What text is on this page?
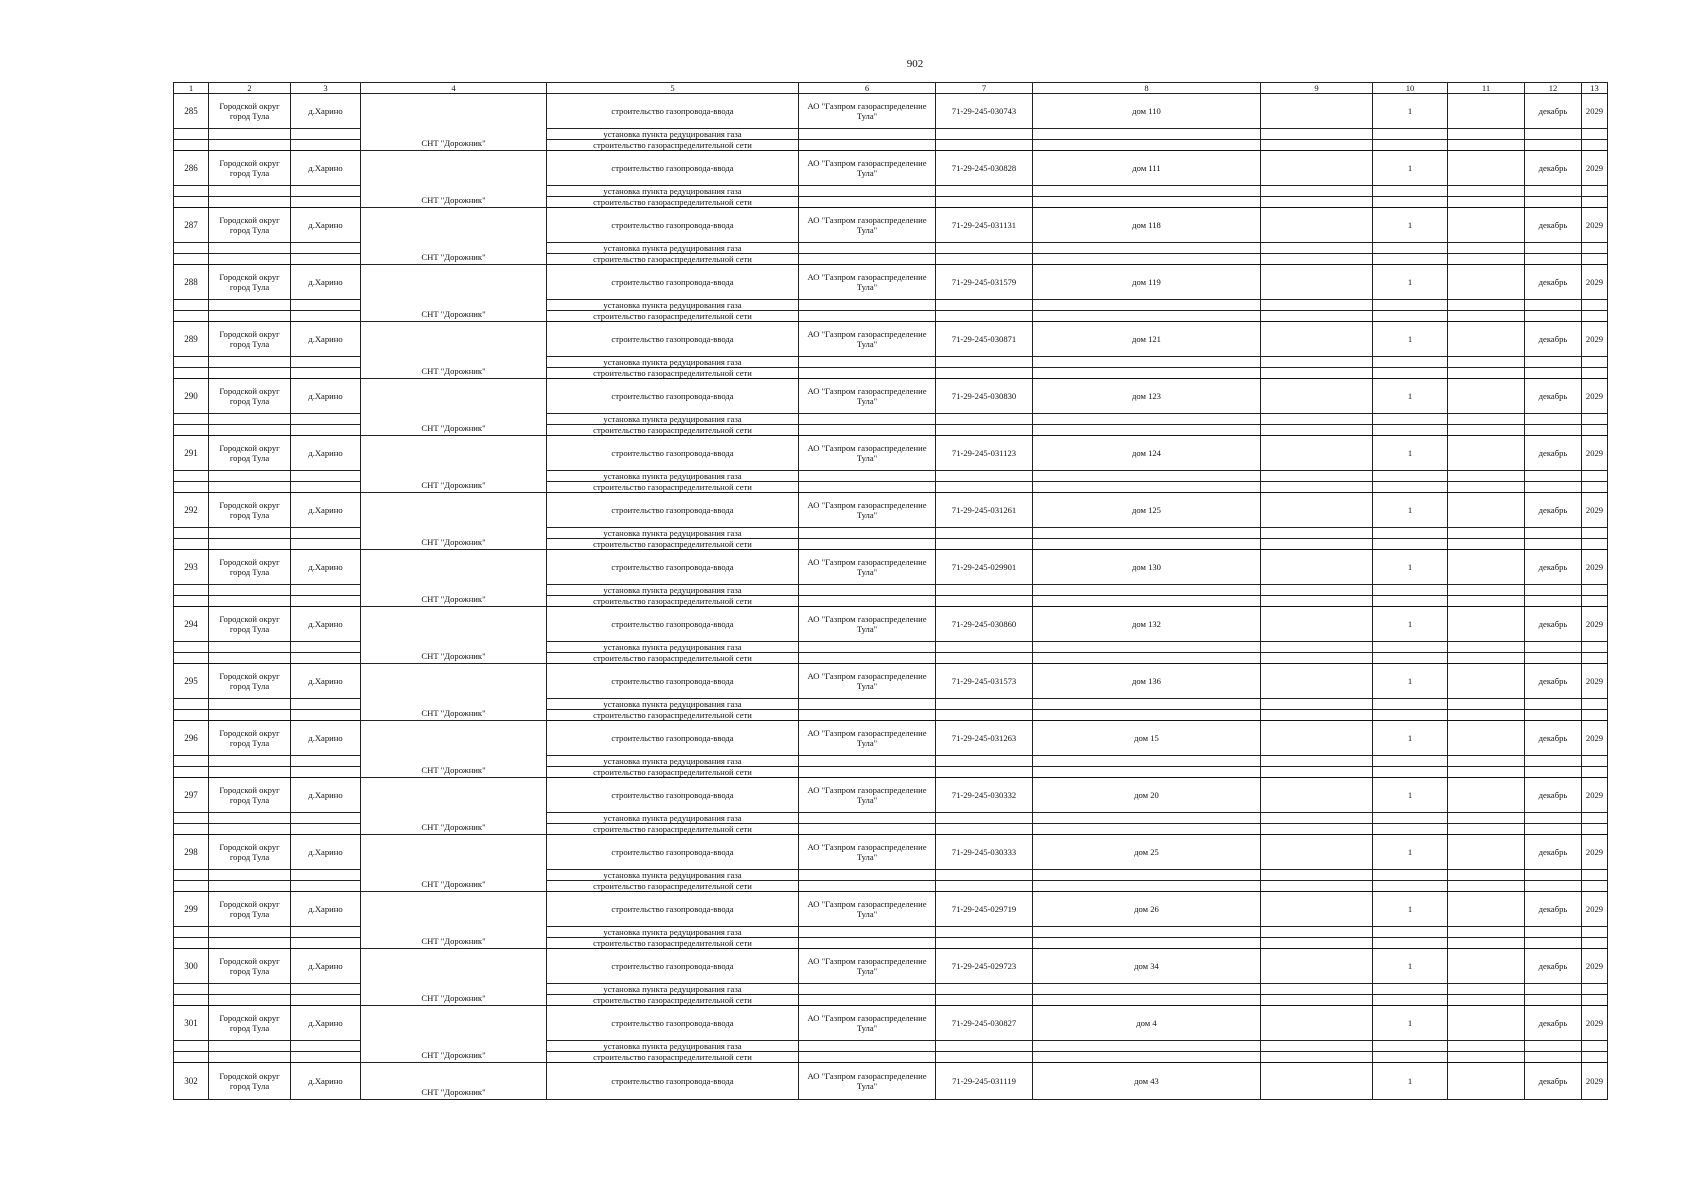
902
1	2	3	4	5	6	7	8	9	10	11	12	13
285	Городской округ город Тула	д.Харино	СНТ "Дорожник"	строительство газопровода-ввода	АО "Газпром газораспределение Тула"	71-29-245-030743	дом 110		1		декабрь	2029
				установка пункта редуцирования газа								
				строительство газораспределительной сети								
286	Городской округ город Тула	д.Харино	СНТ "Дорожник"	строительство газопровода-ввода	АО "Газпром газораспределение Тула"	71-29-245-030828	дом 111		1		декабрь	2029
				установка пункта редуцирования газа								
				строительство газораспределительной сети								
287	Городской округ город Тула	д.Харино	СНТ "Дорожник"	строительство газопровода-ввода	АО "Газпром газораспределение Тула"	71-29-245-031131	дом 118		1		декабрь	2029
				установка пункта редуцирования газа								
				строительство газораспределительной сети								
288	Городской округ город Тула	д.Харино	СНТ "Дорожник"	строительство газопровода-ввода	АО "Газпром газораспределение Тула"	71-29-245-031579	дом 119		1		декабрь	2029
				установка пункта редуцирования газа								
				строительство газораспределительной сети								
289	Городской округ город Тула	д.Харино	СНТ "Дорожник"	строительство газопровода-ввода	АО "Газпром газораспределение Тула"	71-29-245-030871	дом 121		1		декабрь	2029
				установка пункта редуцирования газа								
				строительство газораспределительной сети								
290	Городской округ город Тула	д.Харино	СНТ "Дорожник"	строительство газопровода-ввода	АО "Газпром газораспределение Тула"	71-29-245-030830	дом 123		1		декабрь	2029
				установка пункта редуцирования газа								
				строительство газораспределительной сети								
291	Городской округ город Тула	д.Харино	СНТ "Дорожник"	строительство газопровода-ввода	АО "Газпром газораспределение Тула"	71-29-245-031123	дом 124		1		декабрь	2029
				установка пункта редуцирования газа								
				строительство газораспределительной сети								
292	Городской округ город Тула	д.Харино	СНТ "Дорожник"	строительство газопровода-ввода	АО "Газпром газораспределение Тула"	71-29-245-031261	дом 125		1		декабрь	2029
				установка пункта редуцирования газа								
				строительство газораспределительной сети								
293	Городской округ город Тула	д.Харино	СНТ "Дорожник"	строительство газопровода-ввода	АО "Газпром газораспределение Тула"	71-29-245-029901	дом 130		1		декабрь	2029
				установка пункта редуцирования газа								
				строительство газораспределительной сети								
294	Городской округ город Тула	д.Харино	СНТ "Дорожник"	строительство газопровода-ввода	АО "Газпром газораспределение Тула"	71-29-245-030860	дом 132		1		декабрь	2029
				установка пункта редуцирования газа								
				строительство газораспределительной сети								
295	Городской округ город Тула	д.Харино	СНТ "Дорожник"	строительство газопровода-ввода	АО "Газпром газораспределение Тула"	71-29-245-031573	дом 136		1		декабрь	2029
				установка пункта редуцирования газа								
				строительство газораспределительной сети								
296	Городской округ город Тула	д.Харино	СНТ "Дорожник"	строительство газопровода-ввода	АО "Газпром газораспределение Тула"	71-29-245-031263	дом 15		1		декабрь	2029
				установка пункта редуцирования газа								
				строительство газораспределительной сети								
297	Городской округ город Тула	д.Харино	СНТ "Дорожник"	строительство газопровода-ввода	АО "Газпром газораспределение Тула"	71-29-245-030332	дом 20		1		декабрь	2029
				установка пункта редуцирования газа								
				строительство газораспределительной сети								
298	Городской округ город Тула	д.Харино	СНТ "Дорожник"	строительство газопровода-ввода	АО "Газпром газораспределение Тула"	71-29-245-030333	дом 25		1		декабрь	2029
				установка пункта редуцирования газа								
				строительство газораспределительной сети								
299	Городской округ город Тула	д.Харино	СНТ "Дорожник"	строительство газопровода-ввода	АО "Газпром газораспределение Тула"	71-29-245-029719	дом 26		1		декабрь	2029
				установка пункта редуцирования газа								
				строительство газораспределительной сети								
300	Городской округ город Тула	д.Харино	СНТ "Дорожник"	строительство газопровода-ввода	АО "Газпром газораспределение Тула"	71-29-245-029723	дом 34		1		декабрь	2029
				установка пункта редуцирования газа								
				строительство газораспределительной сети								
301	Городской округ город Тула	д.Харино	СНТ "Дорожник"	строительство газопровода-ввода	АО "Газпром газораспределение Тула"	71-29-245-030827	дом 4		1		декабрь	2029
				установка пункта редуцирования газа								
				строительство газораспределительной сети								
302	Городской округ город Тула	д.Харино	СНТ "Дорожник"	строительство газопровода-ввода	АО "Газпром газораспределение Тула"	71-29-245-031119	дом 43		1		декабрь	2029
